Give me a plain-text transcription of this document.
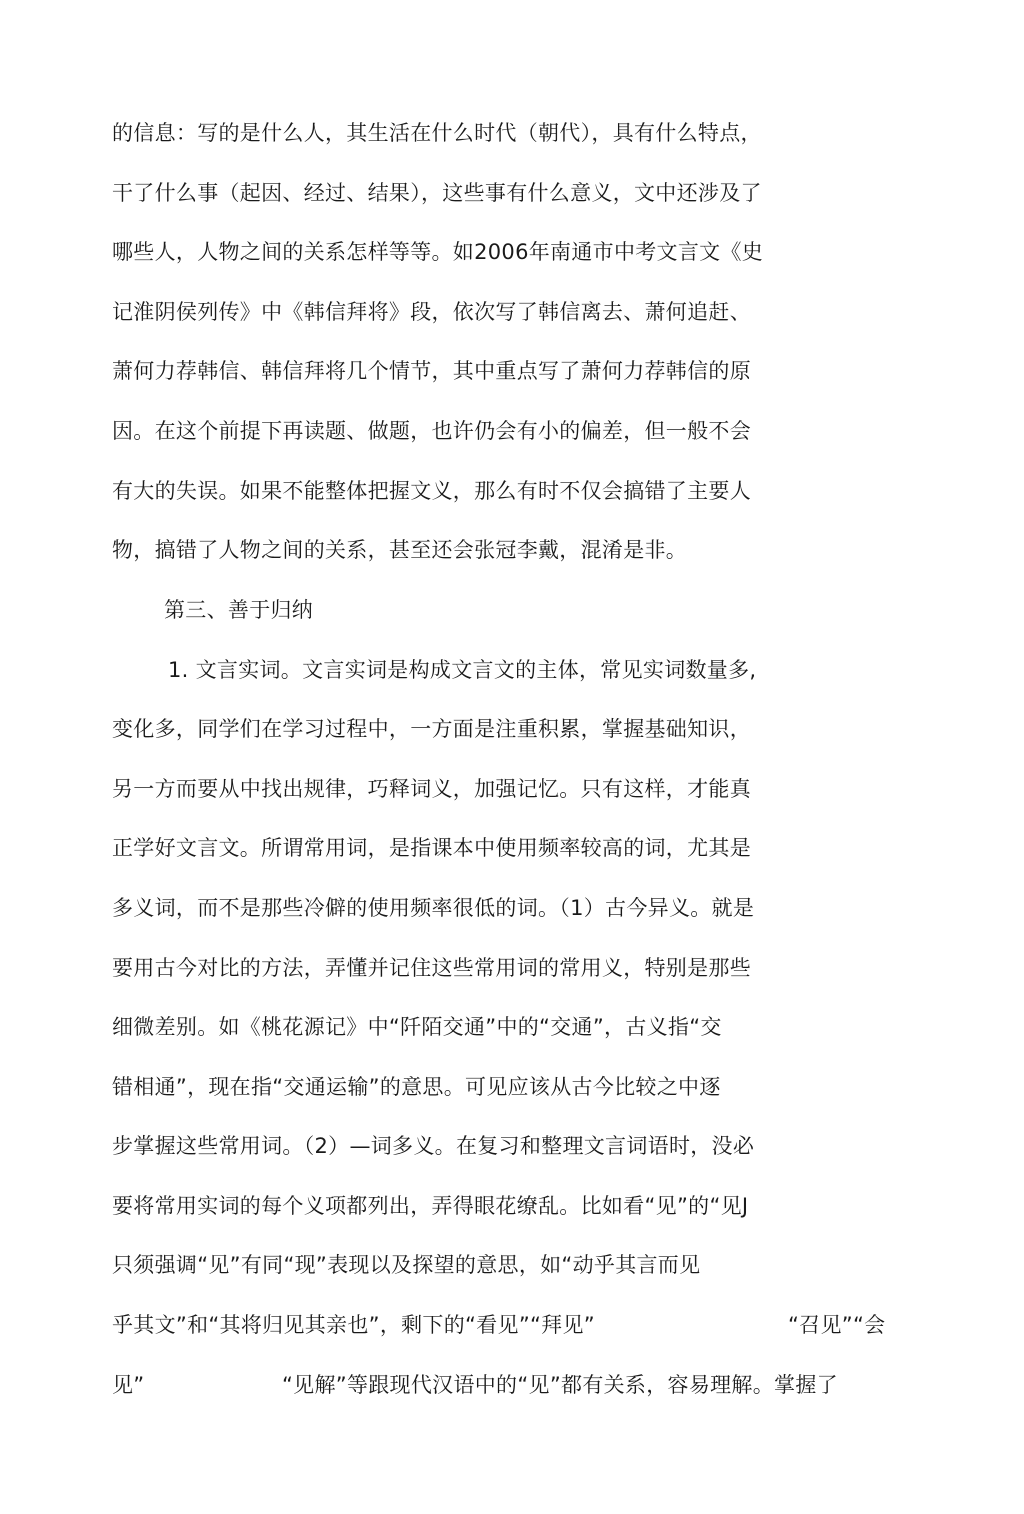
的信息：写的是什么人，其生活在什么时代（朝代），具有什么特点，
干了什么事（起因、经过、结果），这些事有什么意义，文中还涉及了
哪些人，人物之间的关系怎样等等。如2006年南通市中考文言文《史
记淮阴侯列传》中《韩信拜将》段，依次写了韩信离去、萧何追赶、
萧何力荐韩信、韩信拜将几个情节，其中重点写了萧何力荐韩信的原
因。在这个前提下再读题、做题，也许仍会有小的偏差，但一般不会
有大的失误。如果不能整体把握文义，那么有时不仅会搞错了主要人
物，搞错了人物之间的关系，甚至还会张冠李戴，混淆是非。
第三、善于归纳
1. 文言实词。文言实词是构成文言文的主体，常见实词数量多,
变化多，同学们在学习过程中，一方面是注重积累，掌握基础知识，
另一方而要从中找出规律，巧释词义，加强记忆。只有这样，才能真
正学好文言文。所谓常用词，是指课本中使用频率较高的词，尤其是
多义词，而不是那些冷僻的使用频率很低的词。（1）古今异义。就是
要用古今对比的方法，弄懂并记住这些常用词的常用义，特别是那些
细微差别。如《桃花源记》中“阡陌交通”中的“交通”，古义指“交
错相通”，现在指“交通运输”的意思。可见应该从古今比较之中逐
步掌握这些常用词。（2）—词多义。在复习和整理文言词语时，没必
要将常用实词的每个义项都列出，弄得眼花缭乱。比如看“见”的“见J
只须强调“见”有同“现”表现以及探望的意思，如“动乎其言而见
乎其文”和“其将归见其亲也”，剩下的“看见”“拜见”	“召见”“会
见”	“见解”等跟现代汉语中的“见”都有关系，容易理解。掌握了
